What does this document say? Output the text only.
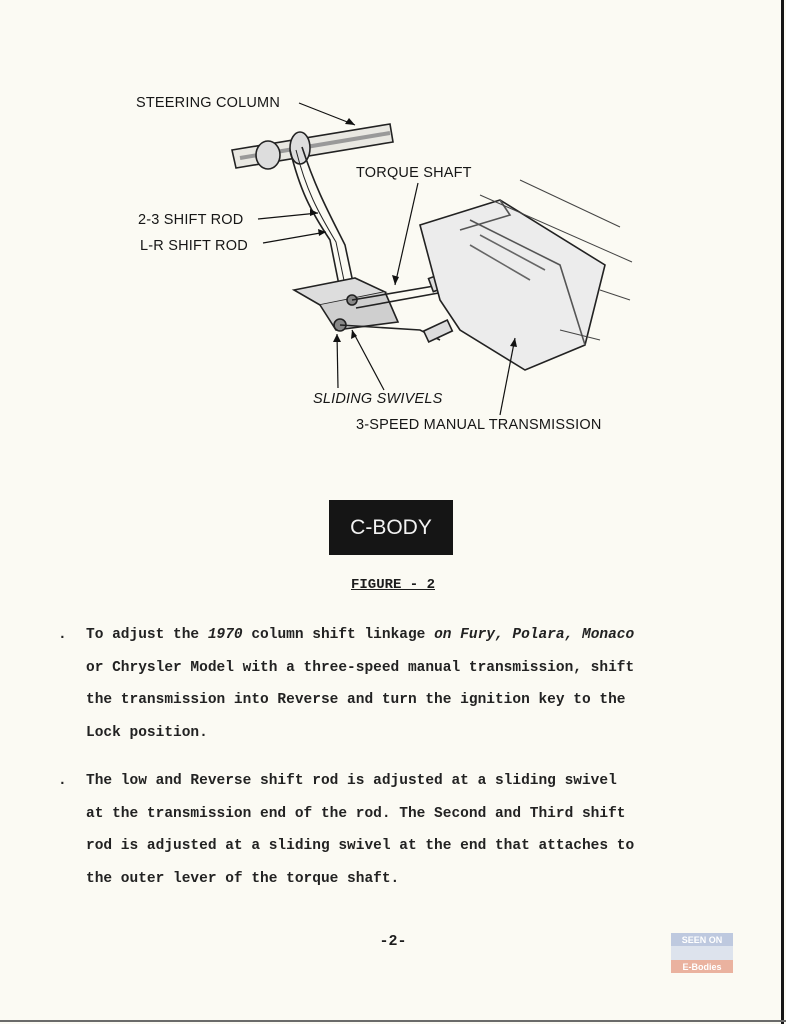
STEERING COLUMN
TORQUE SHAFT
2-3 SHIFT ROD
L-R SHIFT ROD
SLIDING SWIVELS
3-SPEED MANUAL TRANSMISSION
C-BODY
FIGURE - 2
. To adjust the 1970 column shift linkage on Fury, Polara, Monaco
or Chrysler Model with a three-speed manual transmission, shift
the transmission into Reverse and turn the ignition key to the
Lock position.
. The low and Reverse shift rod is adjusted at a sliding swivel
at the transmission end of the rod. The Second and Third shift
rod is adjusted at a sliding swivel at the end that attaches to
the outer lever of the torque shaft.
-2-	SEEN ON
E-Bodies
